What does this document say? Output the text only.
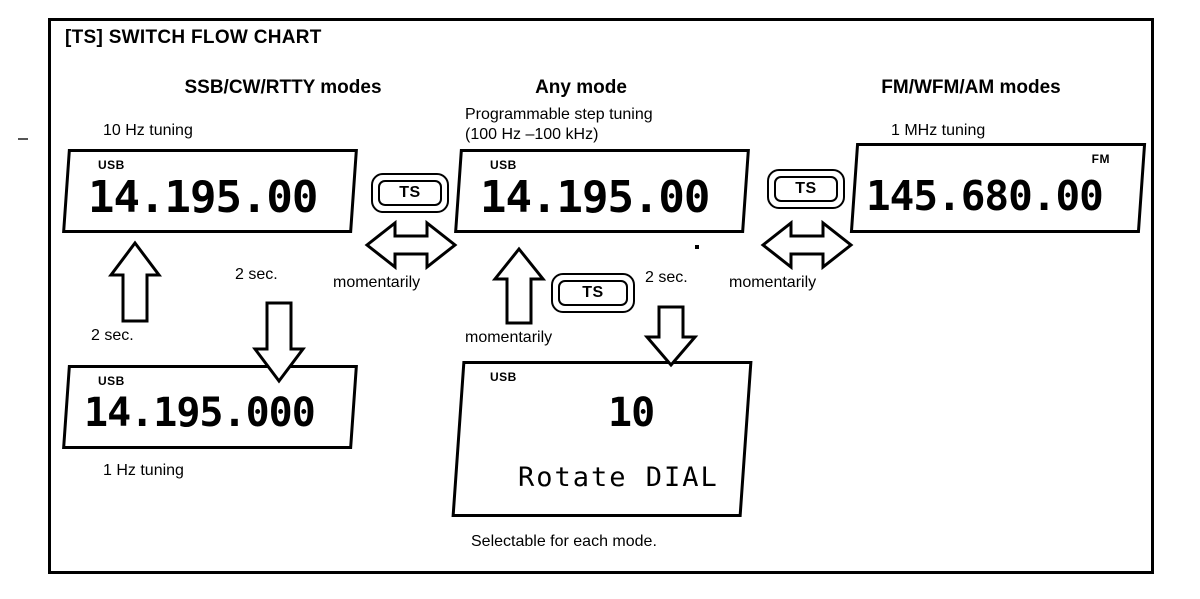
[TS] SWITCH FLOW CHART
SSB/CW/RTTY modes	Any mode	FM/WFM/AM modes
Programmable step tuning
(100 Hz –100 kHz)
10 Hz tuning
1 Hz tuning
1 MHz tuning
Selectable for each mode.
USB
14.195.00
USB
14.195.000
USB
14.195.00
USB
10
Rotate DIAL
FM
145.680.00
TS	TS
TS
2 sec.
2 sec.	momentarily
momentarily
2 sec.	momentarily
